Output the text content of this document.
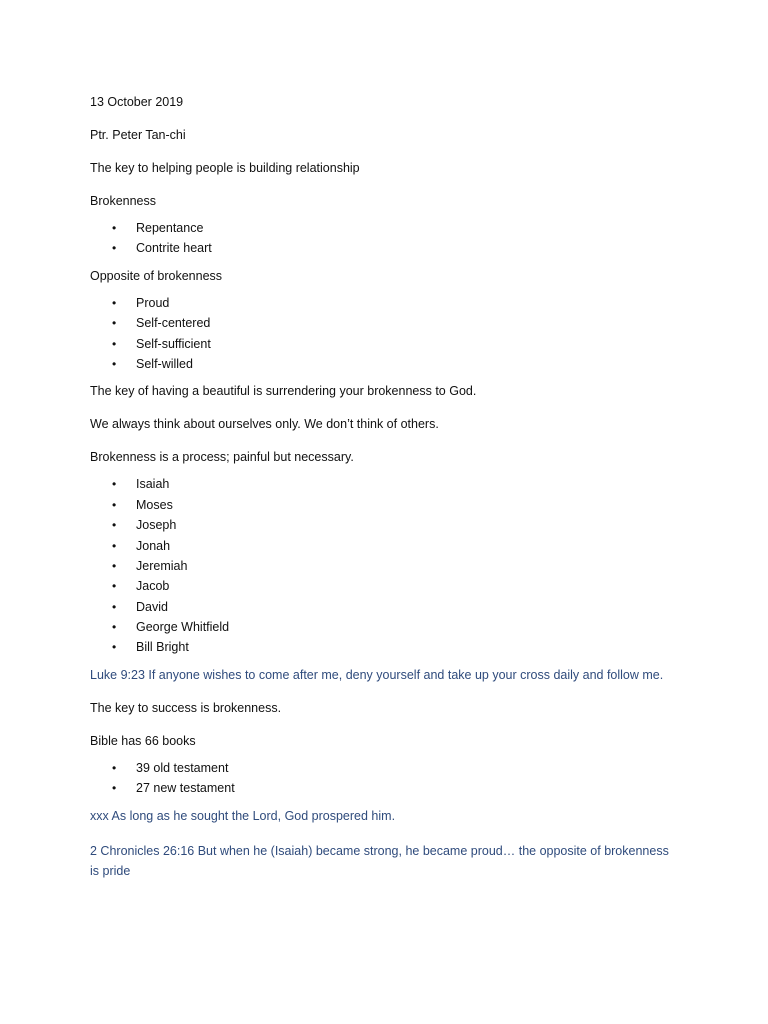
13 October 2019

Ptr. Peter Tan-chi

The key to helping people is building relationship

Brokenness

• Repentance
• Contrite heart

Opposite of brokenness

• Proud
• Self-centered
• Self-sufficient
• Self-willed

The key of having a beautiful is surrendering your brokenness to God.

We always think about ourselves only. We don’t think of others.

Brokenness is a process; painful but necessary.

• Isaiah
• Moses
• Joseph
• Jonah
• Jeremiah
• Jacob
• David
• George Whitfield
• Bill Bright

Luke 9:23 If anyone wishes to come after me, deny yourself and take up your cross daily and follow me.

The key to success is brokenness.

Bible has 66 books

• 39 old testament
• 27 new testament

xxx As long as he sought the Lord, God prospered him.

2 Chronicles 26:16 But when he (Isaiah) became strong, he became proud… the opposite of brokenness is pride
